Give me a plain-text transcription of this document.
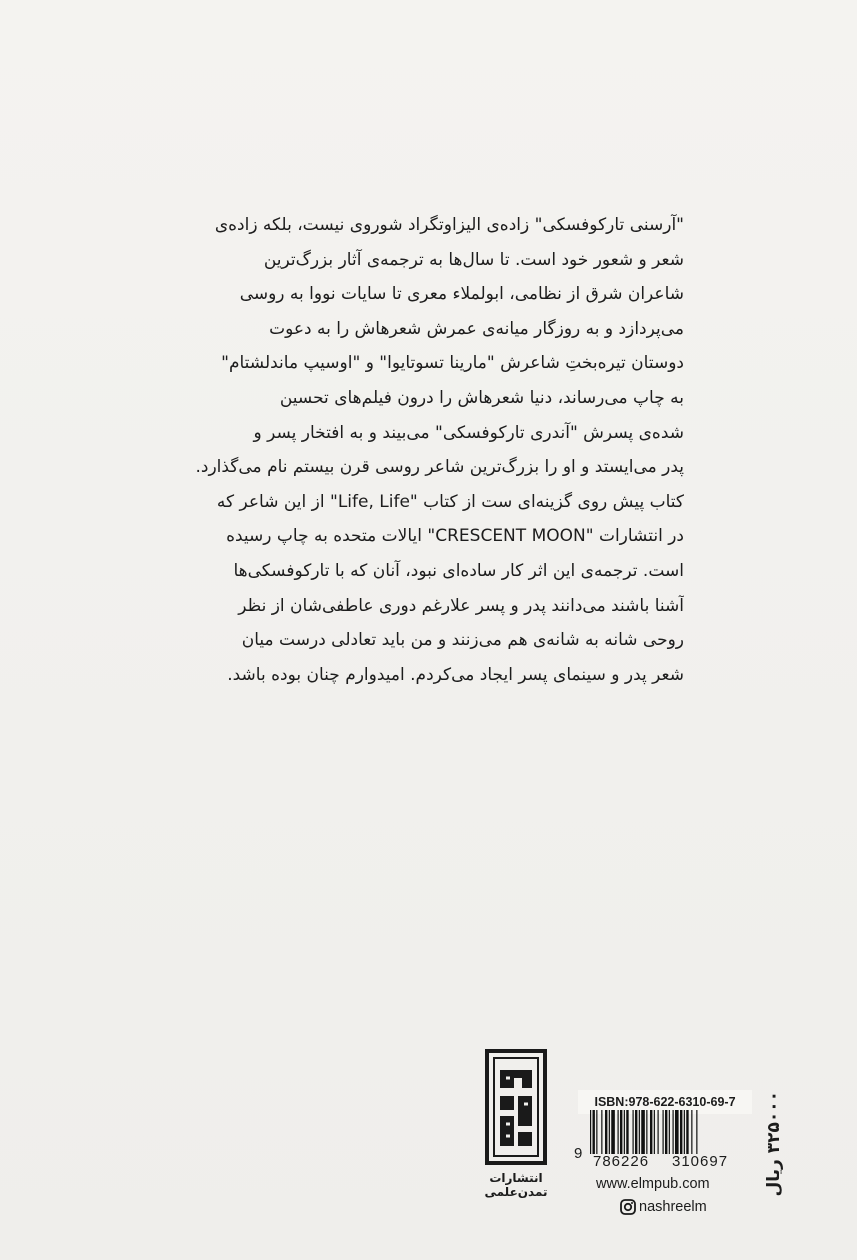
"آرسنی تارکوفسکی" زاده‌ی الیزاوتگراد شوروی نیست، بلکه زاده‌ی
شعر و شعور خود است. تا سال‌ها به ترجمه‌ی آثار بزرگ‌ترین
شاعران شرق از نظامی، ابولملاء معری تا سایات نووا به روسی
می‌پردازد و به روزگار میانه‌ی عمرش شعرهاش را به دعوت
دوستان تیره‌بختِ شاعرش "مارینا تسوتایوا" و "اوسیپ ماندلشتام"
به چاپ می‌رساند، دنیا شعرهاش را درون فیلم‌های تحسین
شده‌ی پسرش "آندری تارکوفسکی" می‌بیند و به افتخار پسر و
پدر می‌ایستد و او را بزرگ‌ترین شاعر روسی قرن بیستم نام می‌گذارد.
کتاب پیش روی گزینه‌ای ست از کتاب "Life, Life" از این شاعر که
در انتشارات "CRESCENT MOON" ایالات متحده به چاپ رسیده
است. ترجمه‌ی این اثر کار ساده‌ای نبود، آنان که با تارکوفسکی‌ها
آشنا باشند می‌دانند پدر و پسر علارغم دوری عاطفی‌شان از نظر
روحی شانه به شانه‌ی هم می‌زنند و من باید تعادلی درست میان
شعر پدر و سینمای پسر ایجاد می‌کردم. امیدوارم چنان بوده باشد.

انتشارات
تمدن‌علمی
ISBN:978-622-6310-69-7
9 786226 310697 ۳۲۵۰۰۰ ریال
www.elmpub.com
nashreelm
